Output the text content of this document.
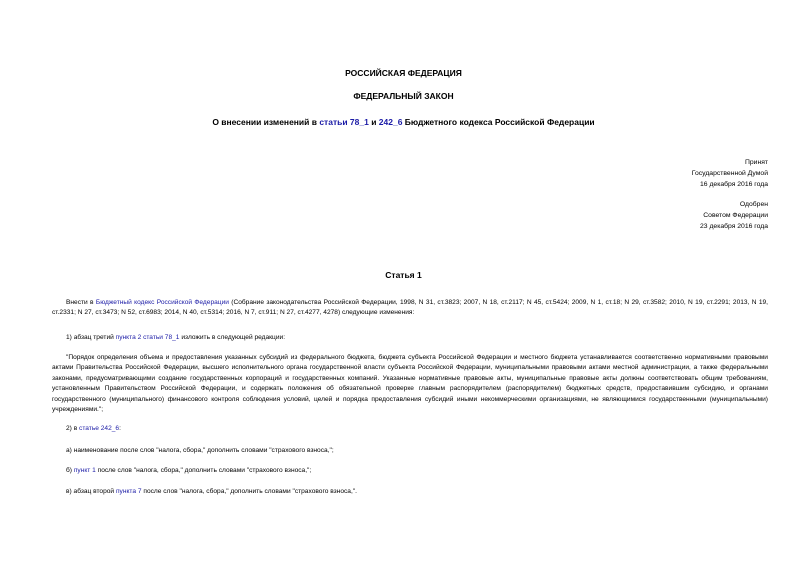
РОССИЙСКАЯ ФЕДЕРАЦИЯ
ФЕДЕРАЛЬНЫЙ ЗАКОН
О внесении изменений в статьи 78_1 и 242_6 Бюджетного кодекса Российской Федерации
Принят
Государственной Думой
16 декабря 2016 года
Одобрен
Советом Федерации
23 декабря 2016 года
Статья 1
Внести в Бюджетный кодекс Российской Федерации (Собрание законодательства Российской Федерации, 1998, N 31, ст.3823; 2007, N 18, ст.2117; N 45, ст.5424; 2009, N 1, ст.18; N 29, ст.3582; 2010, N 19, ст.2291; 2013, N 19, ст.2331; N 27, ст.3473; N 52, ст.6983; 2014, N 40, ст.5314; 2016, N 7, ст.911; N 27, ст.4277, 4278) следующие изменения:
1) абзац третий пункта 2 статьи 78_1 изложить в следующей редакции:
"Порядок определения объема и предоставления указанных субсидий из федерального бюджета, бюджета субъекта Российской Федерации и местного бюджета устанавливается соответственно нормативными правовыми актами Правительства Российской Федерации, высшего исполнительного органа государственной власти субъекта Российской Федерации, муниципальными правовыми актами местной администрации, а также федеральными законами, предусматривающими создание государственных корпораций и государственных компаний. Указанные нормативные правовые акты, муниципальные правовые акты должны соответствовать общим требованиям, установленным Правительством Российской Федерации, и содержать положения об обязательной проверке главным распорядителем (распорядителем) бюджетных средств, предоставившим субсидию, и органами государственного (муниципального) финансового контроля соблюдения условий, целей и порядка предоставления субсидий иными некоммерческими организациями, не являющимися государственными (муниципальными) учреждениями.";
2) в статье 242_6:
а) наименование после слов "налога, сбора," дополнить словами "страхового взноса,";
б) пункт 1 после слов "налога, сбора," дополнить словами "страхового взноса,";
в) абзац второй пункта 7 после слов "налога, сбора," дополнить словами "страхового взноса,".
